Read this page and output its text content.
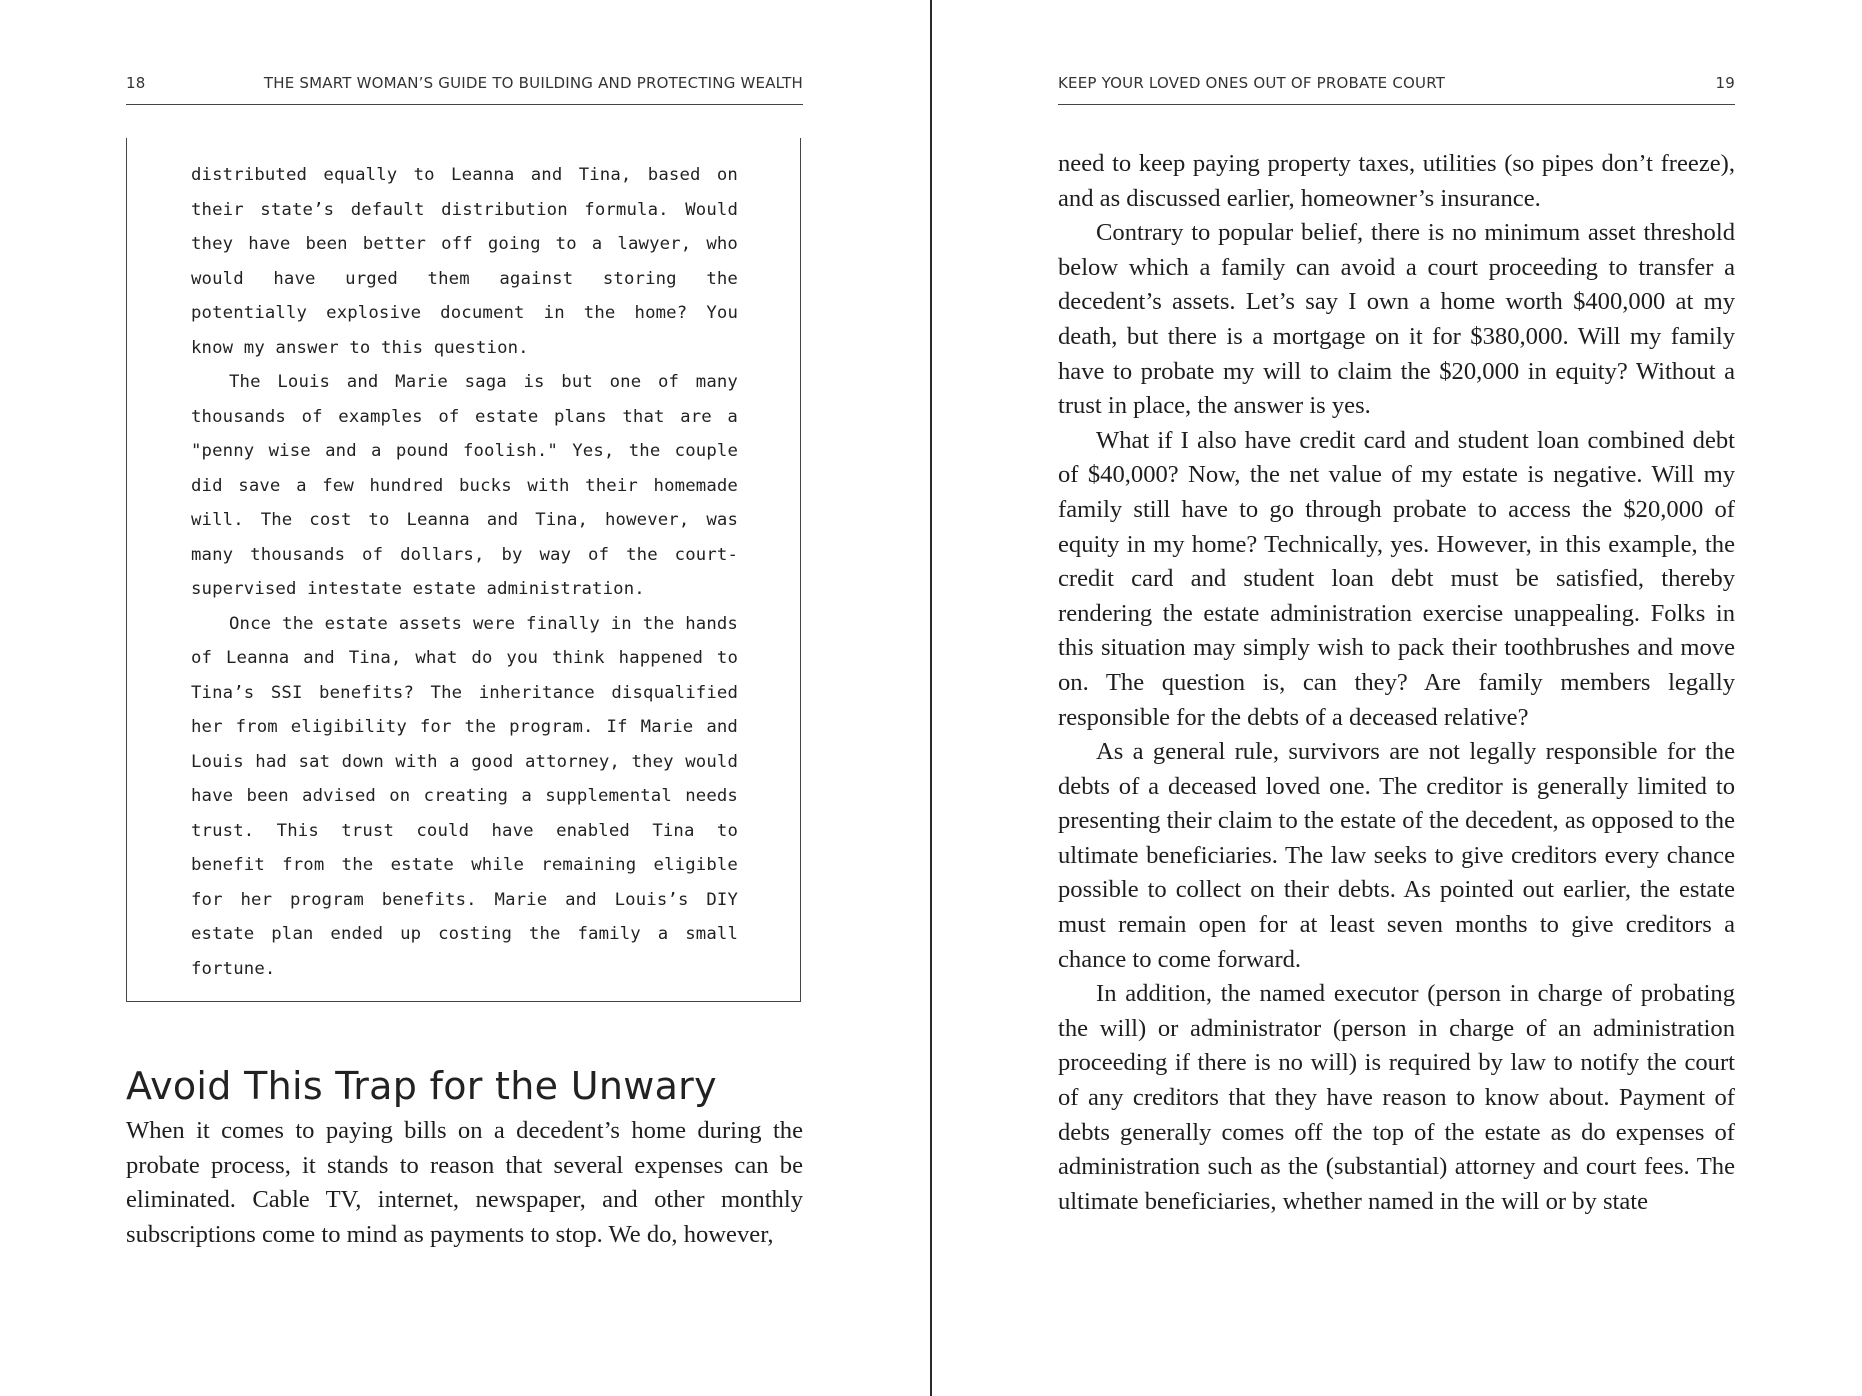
18	THE SMART WOMAN’S GUIDE TO BUILDING AND PROTECTING WEALTH

distributed equally to Leanna and Tina, based on their state’s default distribution formula. Would they have been better off going to a lawyer, who would have urged them against storing the potentially explosive document in the home? You know my answer to this question.

The Louis and Marie saga is but one of many thousands of examples of estate plans that are a "penny wise and a pound foolish." Yes, the couple did save a few hundred bucks with their homemade will. The cost to Leanna and Tina, however, was many thousands of dollars, by way of the court-supervised intestate estate administration.

Once the estate assets were finally in the hands of Leanna and Tina, what do you think happened to Tina’s SSI benefits? The inheritance disqualified her from eligibility for the program. If Marie and Louis had sat down with a good attorney, they would have been advised on creating a supplemental needs trust. This trust could have enabled Tina to benefit from the estate while remaining eligible for her program benefits. Marie and Louis’s DIY estate plan ended up costing the family a small fortune.

Avoid This Trap for the Unwary

When it comes to paying bills on a decedent’s home during the probate process, it stands to reason that several expenses can be eliminated. Cable TV, internet, newspaper, and other monthly subscriptions come to mind as payments to stop. We do, however,

KEEP YOUR LOVED ONES OUT OF PROBATE COURT	19

need to keep paying property taxes, utilities (so pipes don’t freeze), and as discussed earlier, homeowner’s insurance.

Contrary to popular belief, there is no minimum asset threshold below which a family can avoid a court proceeding to transfer a decedent’s assets. Let’s say I own a home worth $400,000 at my death, but there is a mortgage on it for $380,000. Will my family have to probate my will to claim the $20,000 in equity? Without a trust in place, the answer is yes.

What if I also have credit card and student loan combined debt of $40,000? Now, the net value of my estate is negative. Will my family still have to go through probate to access the $20,000 of equity in my home? Technically, yes. However, in this example, the credit card and student loan debt must be satisfied, thereby rendering the estate administration exercise unappealing. Folks in this situation may simply wish to pack their toothbrushes and move on. The question is, can they? Are family members legally responsible for the debts of a deceased relative?

As a general rule, survivors are not legally responsible for the debts of a deceased loved one. The creditor is generally limited to presenting their claim to the estate of the decedent, as opposed to the ultimate beneficiaries. The law seeks to give creditors every chance possible to collect on their debts. As pointed out earlier, the estate must remain open for at least seven months to give creditors a chance to come forward.

In addition, the named executor (person in charge of probating the will) or administrator (person in charge of an administration proceeding if there is no will) is required by law to notify the court of any creditors that they have reason to know about. Payment of debts generally comes off the top of the estate as do expenses of administration such as the (substantial) attorney and court fees. The ultimate beneficiaries, whether named in the will or by state
